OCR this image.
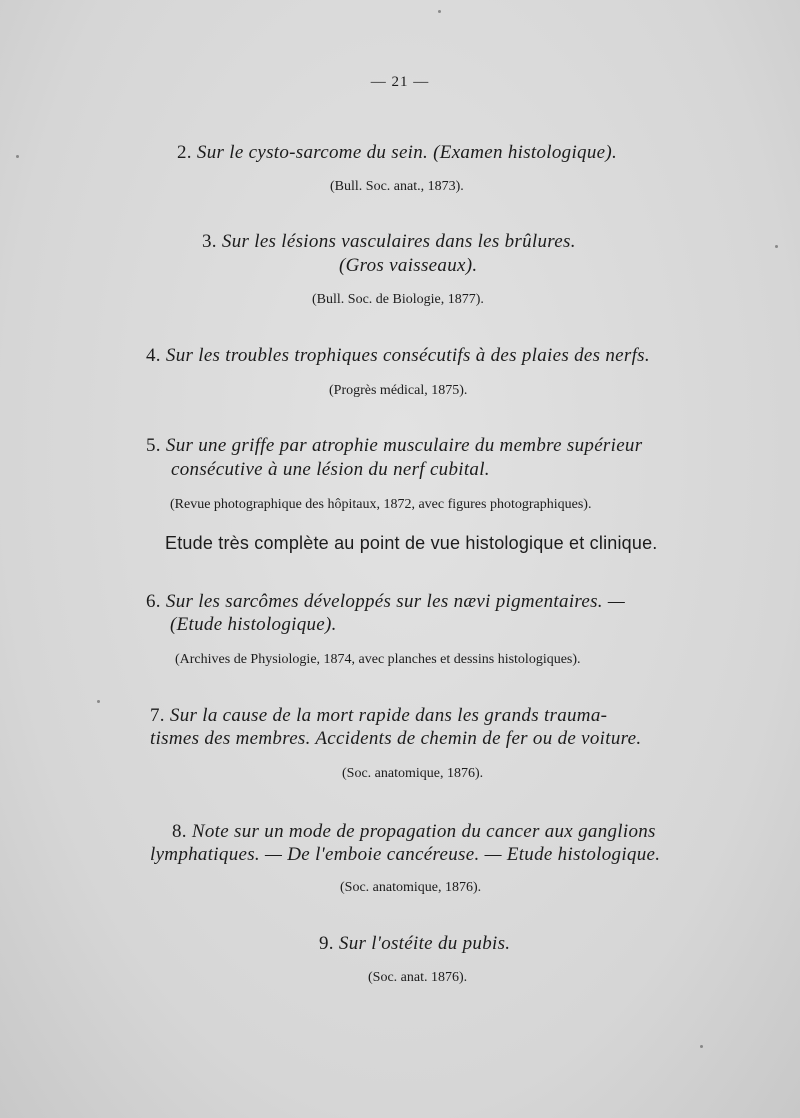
— 21 —
2. Sur le cysto-sarcome du sein. (Examen histologique).
(Bull. Soc. anat., 1873).
3. Sur les lésions vasculaires dans les brûlures.
(Gros vaisseaux).
(Bull. Soc. de Biologie, 1877).
4. Sur les troubles trophiques consécutifs à des plaies des nerfs.
(Progrès médical, 1875).
5. Sur une griffe par atrophie musculaire du membre supérieur
consécutive à une lésion du nerf cubital.
(Revue photographique des hôpitaux, 1872, avec figures photographiques).
Etude très complète au point de vue histologique et clinique.
6. Sur les sarcômes développés sur les nævi pigmentaires. —
(Etude histologique).
(Archives de Physiologie, 1874, avec planches et dessins histologiques).
7. Sur la cause de la mort rapide dans les grands trauma-
tismes des membres. Accidents de chemin de fer ou de voiture.
(Soc. anatomique, 1876).
8. Note sur un mode de propagation du cancer aux ganglions
lymphatiques. — De l'emboie cancéreuse. — Etude histologique.
(Soc. anatomique, 1876).
9. Sur l'ostéite du pubis.
(Soc. anat. 1876).
